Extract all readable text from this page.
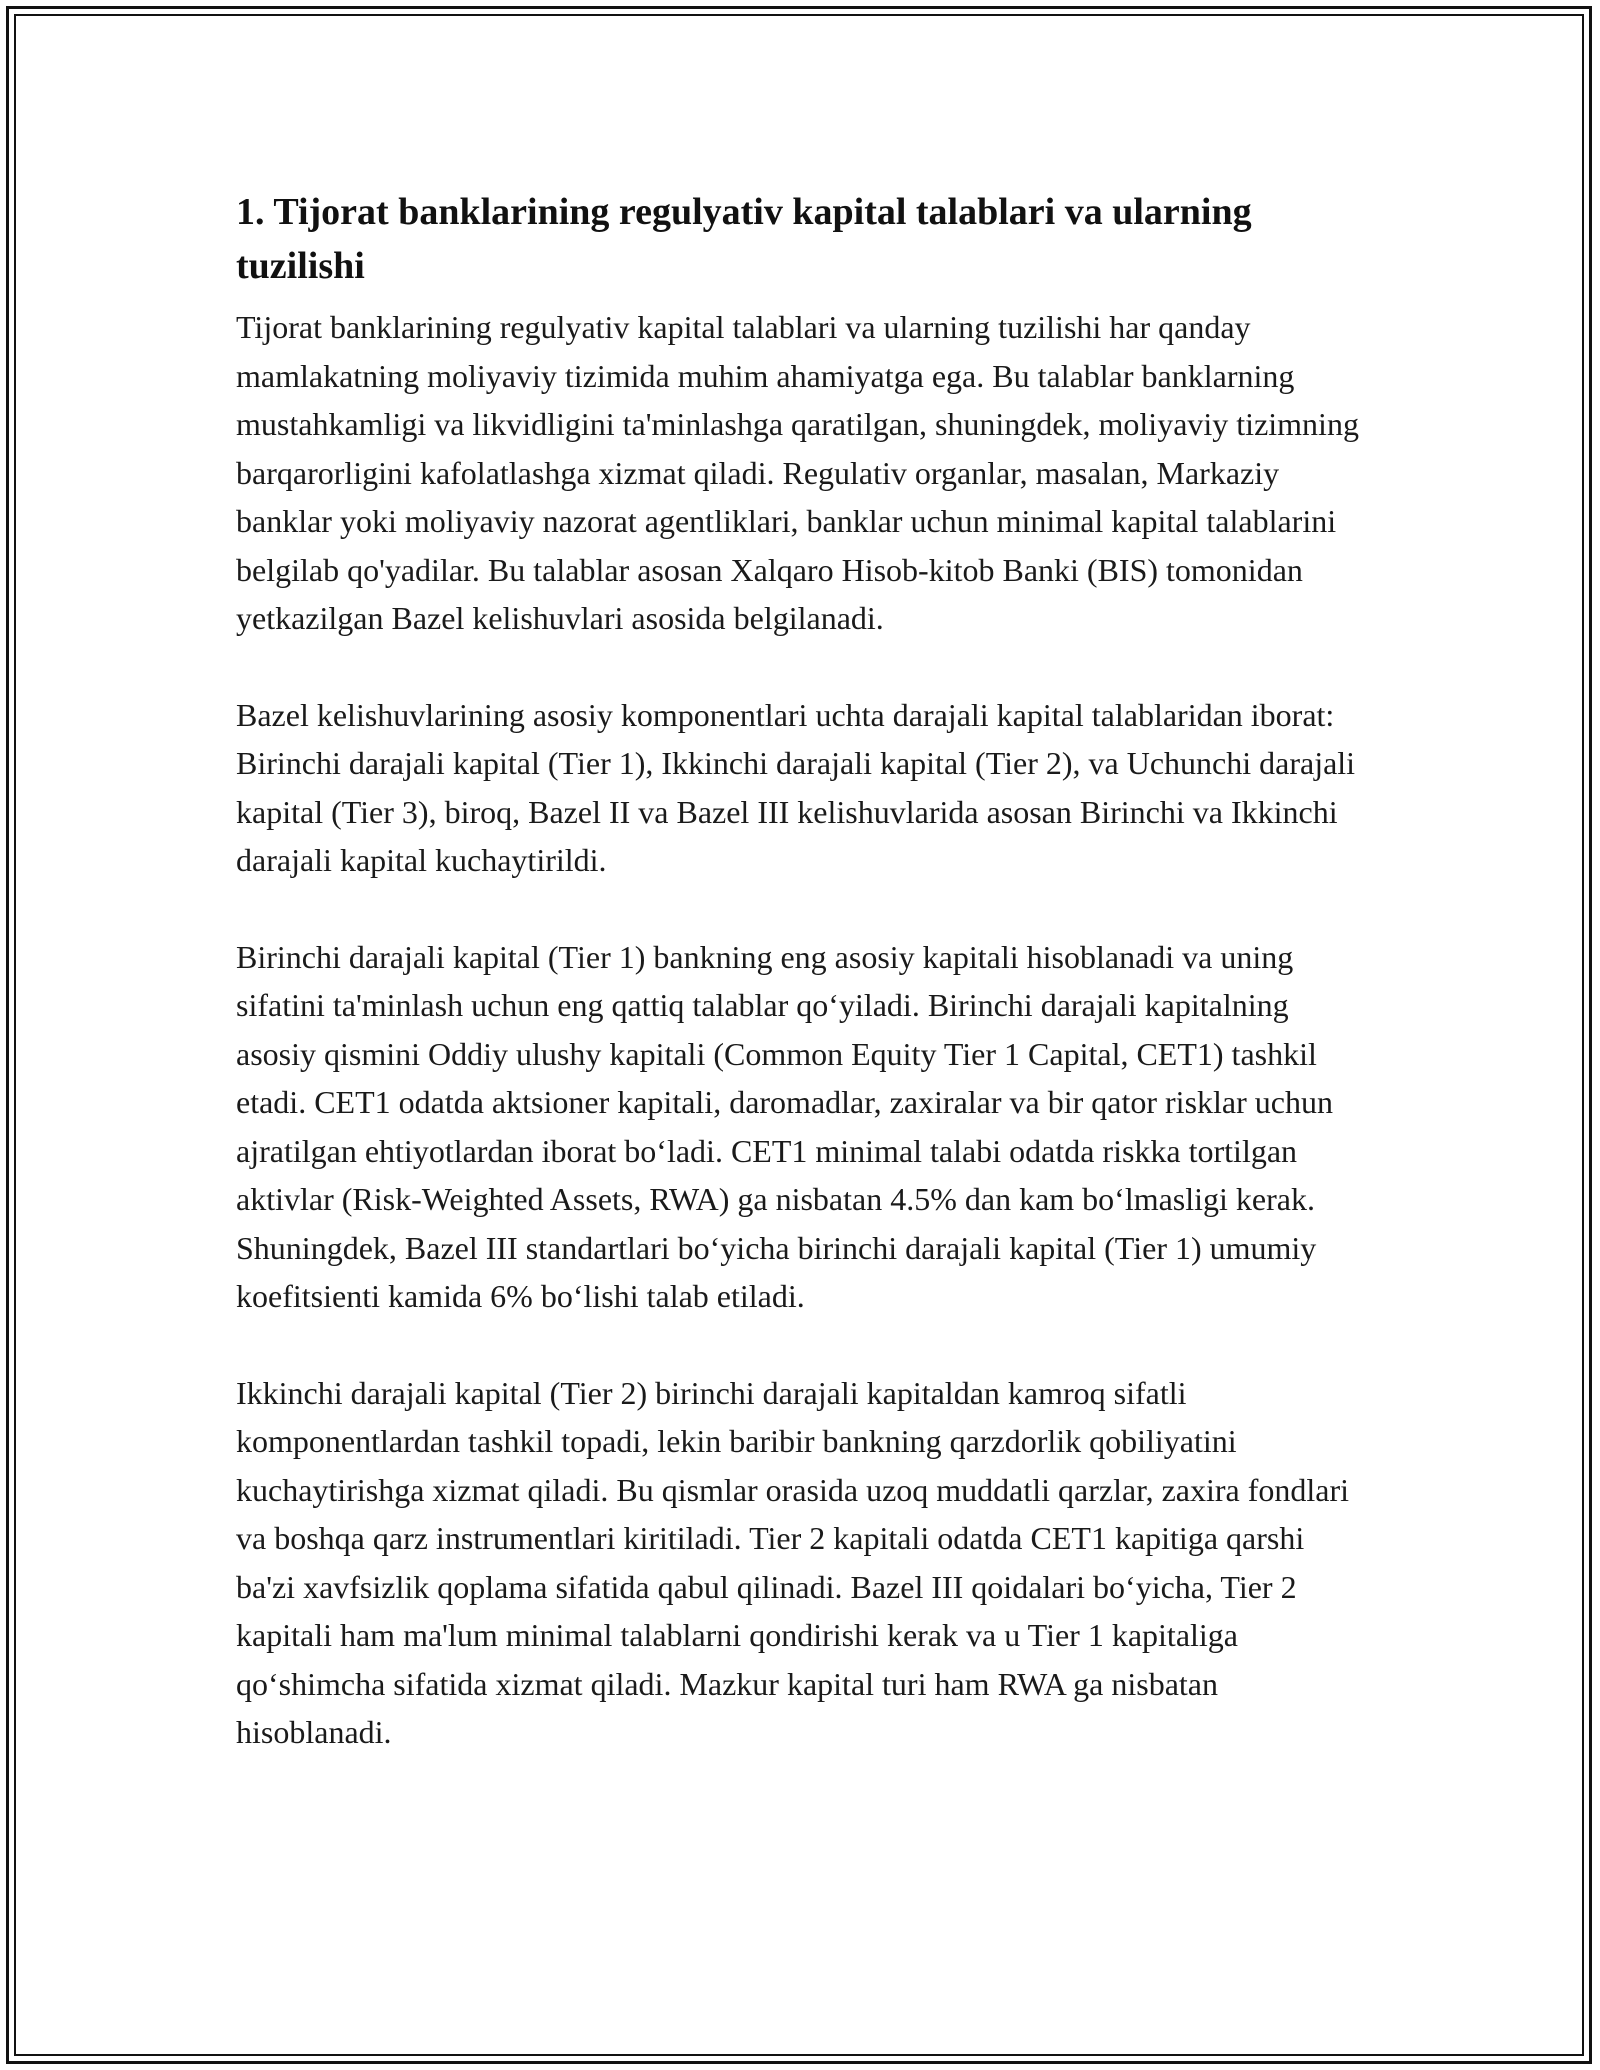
1. Tijorat banklarining regulyativ kapital talablari va ularning tuzilishi

Tijorat banklarining regulyativ kapital talablari va ularning tuzilishi har qanday mamlakatning moliyaviy tizimida muhim ahamiyatga ega. Bu talablar banklarning mustahkamligi va likvidligini ta'minlashga qaratilgan, shuningdek, moliyaviy tizimning barqarorligini kafolatlashga xizmat qiladi. Regulativ organlar, masalan, Markaziy banklar yoki moliyaviy nazorat agentliklari, banklar uchun minimal kapital talablarini belgilab qo'yadilar. Bu talablar asosan Xalqaro Hisob-kitob Banki (BIS) tomonidan yetkazilgan Bazel kelishuvlari asosida belgilanadi.

Bazel kelishuvlarining asosiy komponentlari uchta darajali kapital talablaridan iborat: Birinchi darajali kapital (Tier 1), Ikkinchi darajali kapital (Tier 2), va Uchunchi darajali kapital (Tier 3), biroq, Bazel II va Bazel III kelishuvlarida asosan Birinchi va Ikkinchi darajali kapital kuchaytirildi.

Birinchi darajali kapital (Tier 1) bankning eng asosiy kapitali hisoblanadi va uning sifatini ta'minlash uchun eng qattiq talablar qo‘yiladi. Birinchi darajali kapitalning asosiy qismini Oddiy ulushy kapitali (Common Equity Tier 1 Capital, CET1) tashkil etadi. CET1 odatda aktsioner kapitali, daromadlar, zaxiralar va bir qator risklar uchun ajratilgan ehtiyotlardan iborat bo‘ladi. CET1 minimal talabi odatda riskka tortilgan aktivlar (Risk-Weighted Assets, RWA) ga nisbatan 4.5% dan kam bo‘lmasligi kerak. Shuningdek, Bazel III standartlari bo‘yicha birinchi darajali kapital (Tier 1) umumiy koefitsienti kamida 6% bo‘lishi talab etiladi.

Ikkinchi darajali kapital (Tier 2) birinchi darajali kapitaldan kamroq sifatli komponentlardan tashkil topadi, lekin baribir bankning qarzdorlik qobiliyatini kuchaytirishga xizmat qiladi. Bu qismlar orasida uzoq muddatli qarzlar, zaxira fondlari va boshqa qarz instrumentlari kiritiladi. Tier 2 kapitali odatda CET1 kapitiga qarshi ba'zi xavfsizlik qoplama sifatida qabul qilinadi. Bazel III qoidalari bo‘yicha, Tier 2 kapitali ham ma'lum minimal talablarni qondirishi kerak va u Tier 1 kapitaliga qo‘shimcha sifatida xizmat qiladi. Mazkur kapital turi ham RWA ga nisbatan hisoblanadi.
